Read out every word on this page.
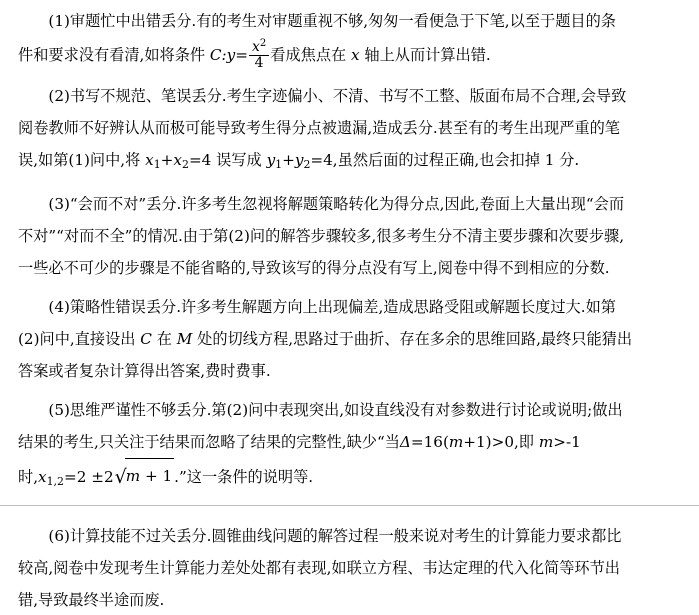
(1)审题忙中出错丢分.有的考生对审题重视不够,匆匆一看便急于下笔,以至于题目的条
件和要求没有看清,如将条件 C:y= $\frac{x^2}{4}$ 看成焦点在 x 轴上从而计算出错.
(2)书写不规范、笔误丢分.考生字迹偏小、不清、书写不工整、版面布局不合理,会导致
阅卷教师不好辨认从而极可能导致考生得分点被遗漏,造成丢分.甚至有的考生出现严重的笔
误,如第(1)问中,将 $x_1+x_2=4$ 误写成 $y_1+y_2=4$,虽然后面的过程正确,也会扣掉 1 分.
(3)“会而不对”丢分.许多考生忽视将解题策略转化为得分点,因此,卷面上大量出现“会而
不对”“对而不全”的情况.由于第(2)问的解答步骤较多,很多考生分不清主要步骤和次要步骤,
一些必不可少的步骤是不能省略的,导致该写的得分点没有写上,阅卷中得不到相应的分数.
(4)策略性错误丢分.许多考生解题方向上出现偏差,造成思路受阻或解题长度过大.如第
(2)问中,直接设出 C 在 M 处的切线方程,思路过于曲折、存在多余的思维回路,最终只能猜出
答案或者复杂计算得出答案,费时费事.
(5)思维严谨性不够丢分.第(2)问中表现突出,如设直线没有对参数进行讨论或说明;做出
结果的考生,只关注于结果而忽略了结果的完整性,缺少“当Δ=16(m+1)>0,即 m>-1
时$,x_{1,2}=2 \pm 2√m + 1$ .”这一条件的说明等.
(6)计算技能不过关丢分.圆锥曲线问题的解答过程一般来说对考生的计算能力要求都比
较高,阅卷中发现考生计算能力差处处都有表现,如联立方程、韦达定理的代入化简等环节出
错,导致最终半途而废.
